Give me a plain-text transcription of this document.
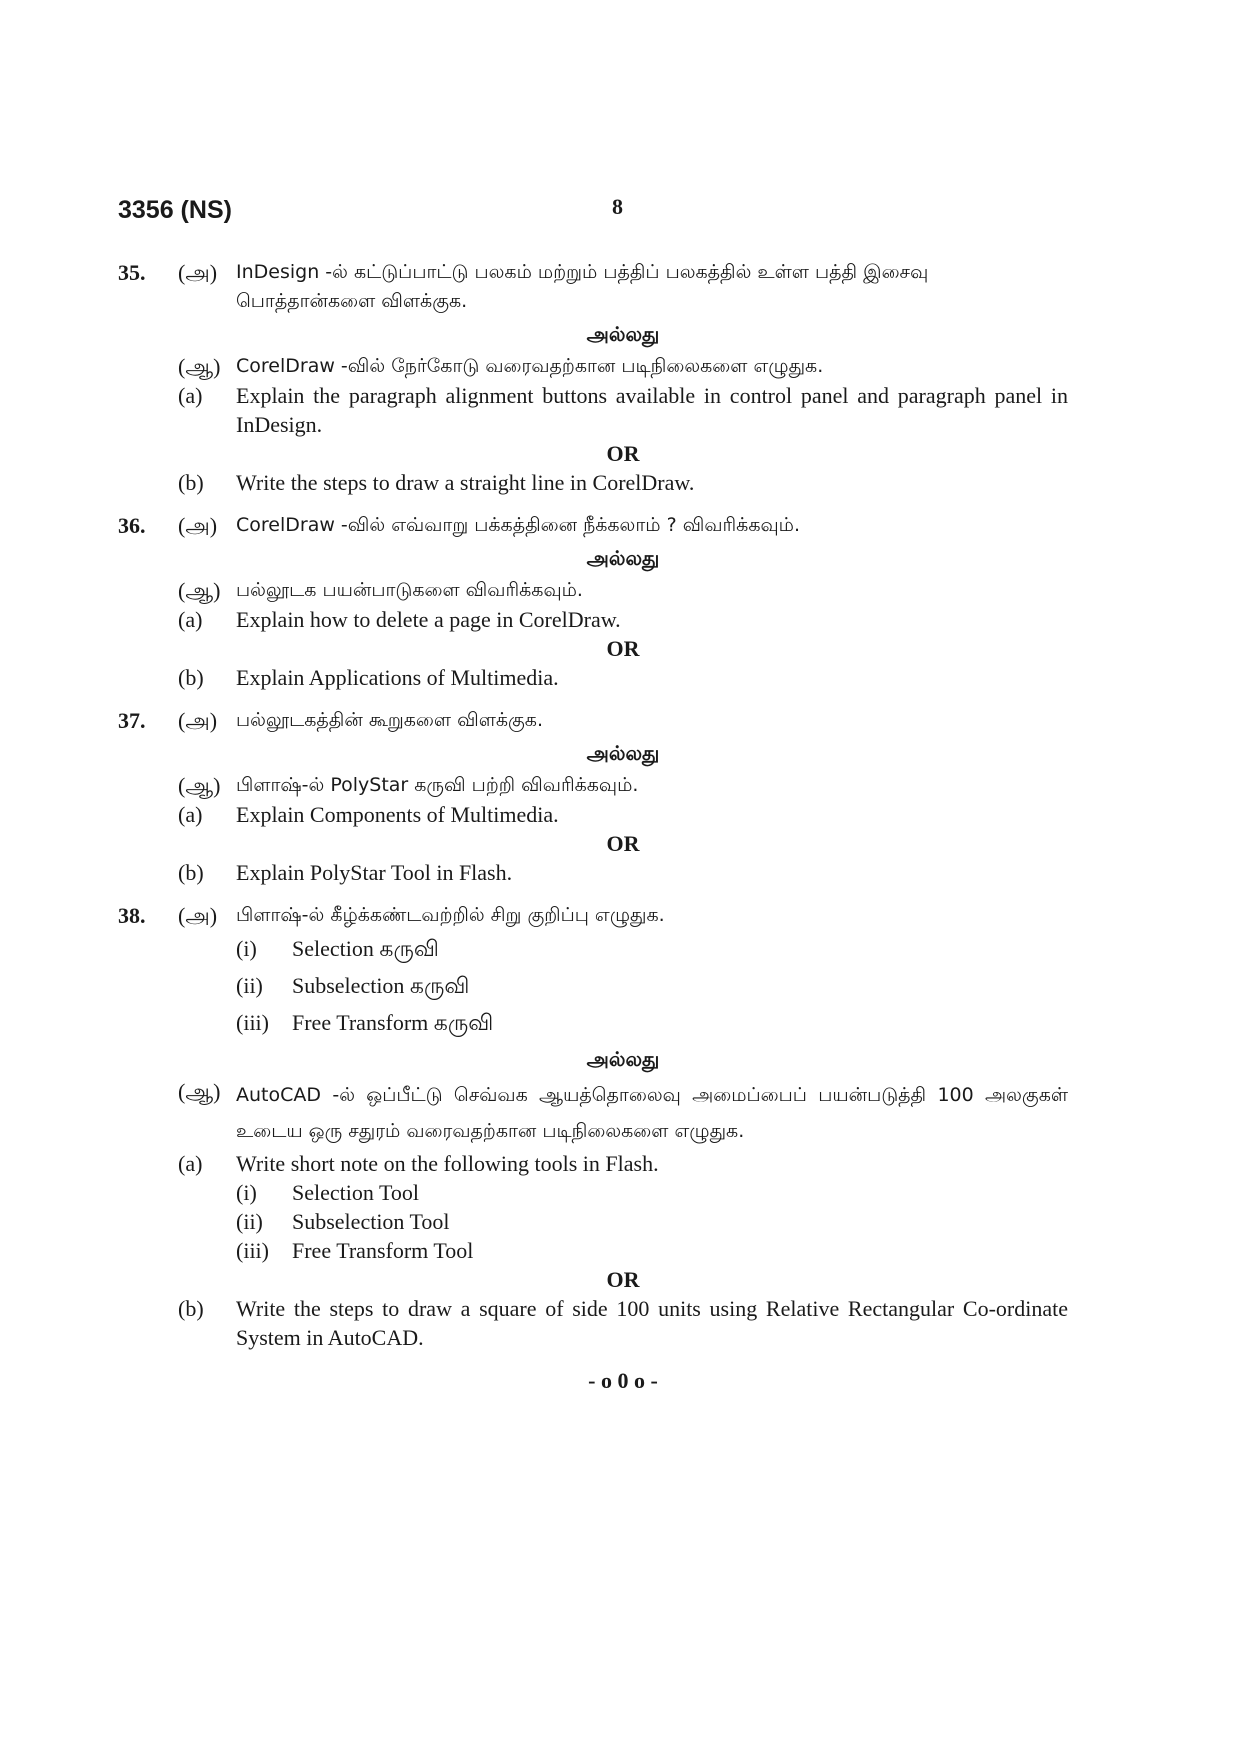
3356 (NS)	8
35.	(அ) InDesign -ல் கட்டுப்பாட்டு பலகம் மற்றும் பத்திப் பலகத்தில் உள்ள பத்தி இசைவு பொத்தான்களை விளக்குக.
அல்லது
(ஆ) CorelDraw -வில் நேர்கோடு வரைவதற்கான படிநிலைகளை எழுதுக.
(a)	Explain the paragraph alignment buttons available in control panel and paragraph panel in InDesign.
OR
(b)	Write the steps to draw a straight line in CorelDraw.
36.	(அ) CorelDraw -வில் எவ்வாறு பக்கத்தினை நீக்கலாம் ? விவரிக்கவும்.
அல்லது
(ஆ) பல்லூடக பயன்பாடுகளை விவரிக்கவும்.
(a)	Explain how to delete a page in CorelDraw.
OR
(b)	Explain Applications of Multimedia.
37.	(அ) பல்லூடகத்தின் கூறுகளை விளக்குக.
அல்லது
(ஆ) பிளாஷ்-ல் PolyStar கருவி பற்றி விவரிக்கவும்.
(a)	Explain Components of Multimedia.
OR
(b)	Explain PolyStar Tool in Flash.
38.	(அ) பிளாஷ்-ல் கீழ்க்கண்டவற்றில் சிறு குறிப்பு எழுதுக.
(i)	Selection கருவி
(ii)	Subselection கருவி
(iii)	Free Transform கருவி
அல்லது
(ஆ) AutoCAD -ல் ஒப்பீட்டு செவ்வக ஆயத்தொலைவு அமைப்பைப் பயன்படுத்தி 100 அலகுகள் உடைய ஒரு சதுரம் வரைவதற்கான படிநிலைகளை எழுதுக.
(a)	Write short note on the following tools in Flash.
(i)	Selection Tool
(ii)	Subselection Tool
(iii)	Free Transform Tool
OR
(b)	Write the steps to draw a square of side 100 units using Relative Rectangular Co-ordinate System in AutoCAD.
- o 0 o -
